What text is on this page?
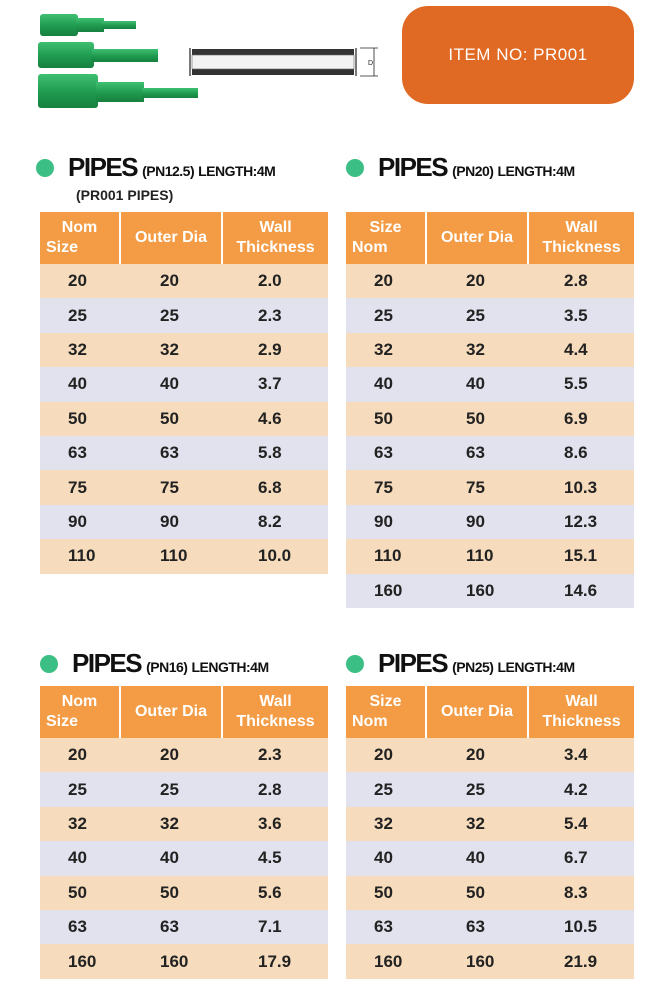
D	ITEM NO: PR001
PIPES (PN12.5) LENGTH:4M
(PR001 PIPES)
Nom
Size	Outer Dia	Wall
Thickness

20	20	2.0
25	25	2.3
32	32	2.9
40	40	3.7
50	50	4.6
63	63	5.8
75	75	6.8
90	90	8.2
110	110	10.0
PIPES (PN20) LENGTH:4M
Size
Nom	Outer Dia	Wall
Thickness

20	20	2.8
25	25	3.5
32	32	4.4
40	40	5.5
50	50	6.9
63	63	8.6
75	75	10.3
90	90	12.3
110	110	15.1
160	160	14.6
PIPES (PN16) LENGTH:4M
Nom
Size	Outer Dia	Wall
Thickness

20	20	2.3
25	25	2.8
32	32	3.6
40	40	4.5
50	50	5.6
63	63	7.1
160	160	17.9
PIPES (PN25) LENGTH:4M
Size
Nom	Outer Dia	Wall
Thickness

20	20	3.4
25	25	4.2
32	32	5.4
40	40	6.7
50	50	8.3
63	63	10.5
160	160	21.9
